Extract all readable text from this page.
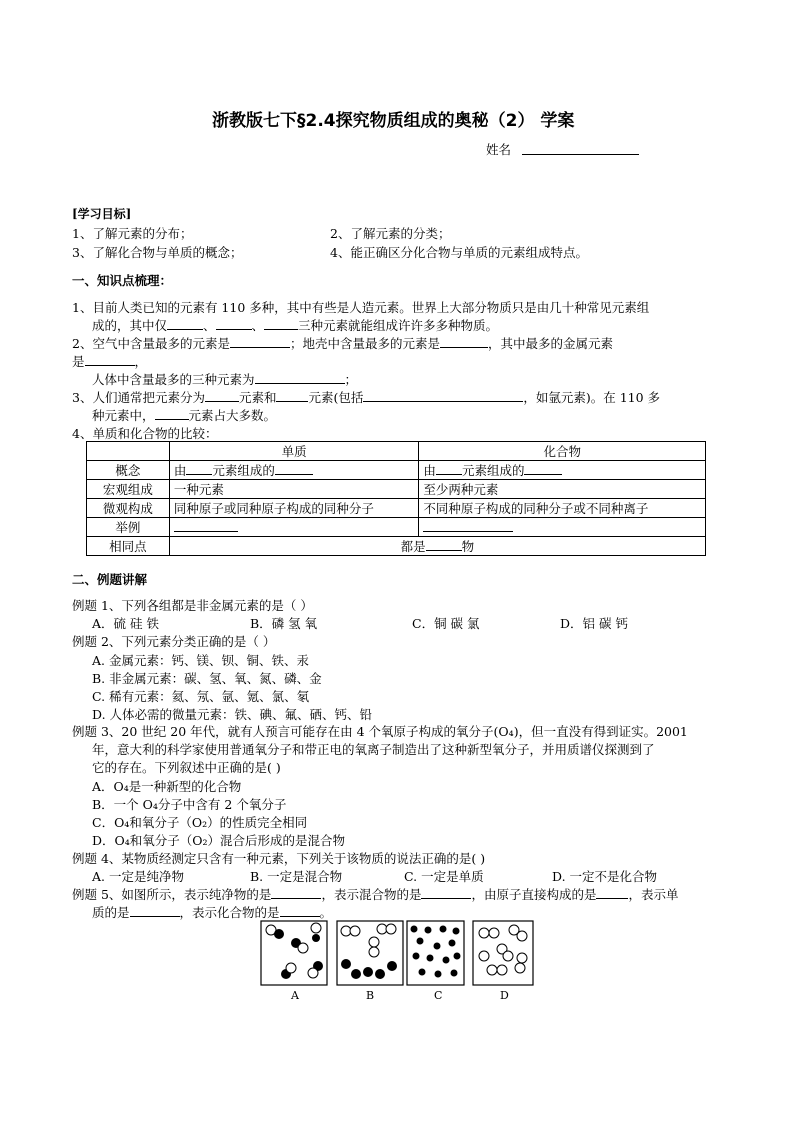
浙教版七下§2.4探究物质组成的奥秘（2） 学案
姓名
[学习目标]
1、了解元素的分布；	2、了解元素的分类；
3、了解化合物与单质的概念；	4、能正确区分化合物与单质的元素组成特点。
一、知识点梳理：
1、目前人类已知的元素有 110 多种，其中有些是人造元素。世界上大部分物质只是由几十种常见元素组
成的，其中仅	、	、	三种元素就能组成许许多多种物质。
2、空气中含量最多的元素是	；地壳中含量最多的元素是	，其中最多的金属元素
是	，
人体中含量最多的三种元素为	；
3、人们通常把元素分为	元素和	元素(包括	，如氩元素)。在 110 多
种元素中，	元素占大多数。
4、单质和化合物的比较：
	单质	化合物
概念	由 元素组成的	由 元素组成的
宏观组成	一种元素	至少两种元素
微观构成	同种原子或同种原子构成的同种分子	不同种原子构成的同种分子或不同种离子
举例		
相同点	都是 物	
二、例题讲解
例题 1、下列各组都是非金属元素的是（ ）
A．硫 硅 铁	B．磷 氢 氧	C．铜 碳 氯	D．铝 碳 钙
例题 2、下列元素分类正确的是（ ）
A. 金属元素：钙、镁、钡、铜、铁、汞
B. 非金属元素：碳、氢、氧、氮、磷、金
C. 稀有元素：氦、氖、氩、氪、氯、氡
D. 人体必需的微量元素：铁、碘、氟、硒、钙、铅
例题 3、20 世纪 20 年代，就有人预言可能存在由 4 个氧原子构成的氧分子(O₄)，但一直没有得到证实。2001
年，意大利的科学家使用普通氧分子和带正电的氧离子制造出了这种新型氧分子，并用质谱仪探测到了
它的存在。下列叙述中正确的是( )
A．O₄是一种新型的化合物
B．一个 O₄分子中含有 2 个氧分子
C．O₄和氧分子（O₂）的性质完全相同
D．O₄和氧分子（O₂）混合后形成的是混合物
例题 4、某物质经测定只含有一种元素，下列关于该物质的说法正确的是( )
A. 一定是纯净物	B. 一定是混合物	C. 一定是单质	D. 一定不是化合物
例题 5、如图所示，表示纯净物的是	，表示混合物的是	，由原子直接构成的是	，表示单
质的是	，表示化合物的是	。
A	B	C	D
